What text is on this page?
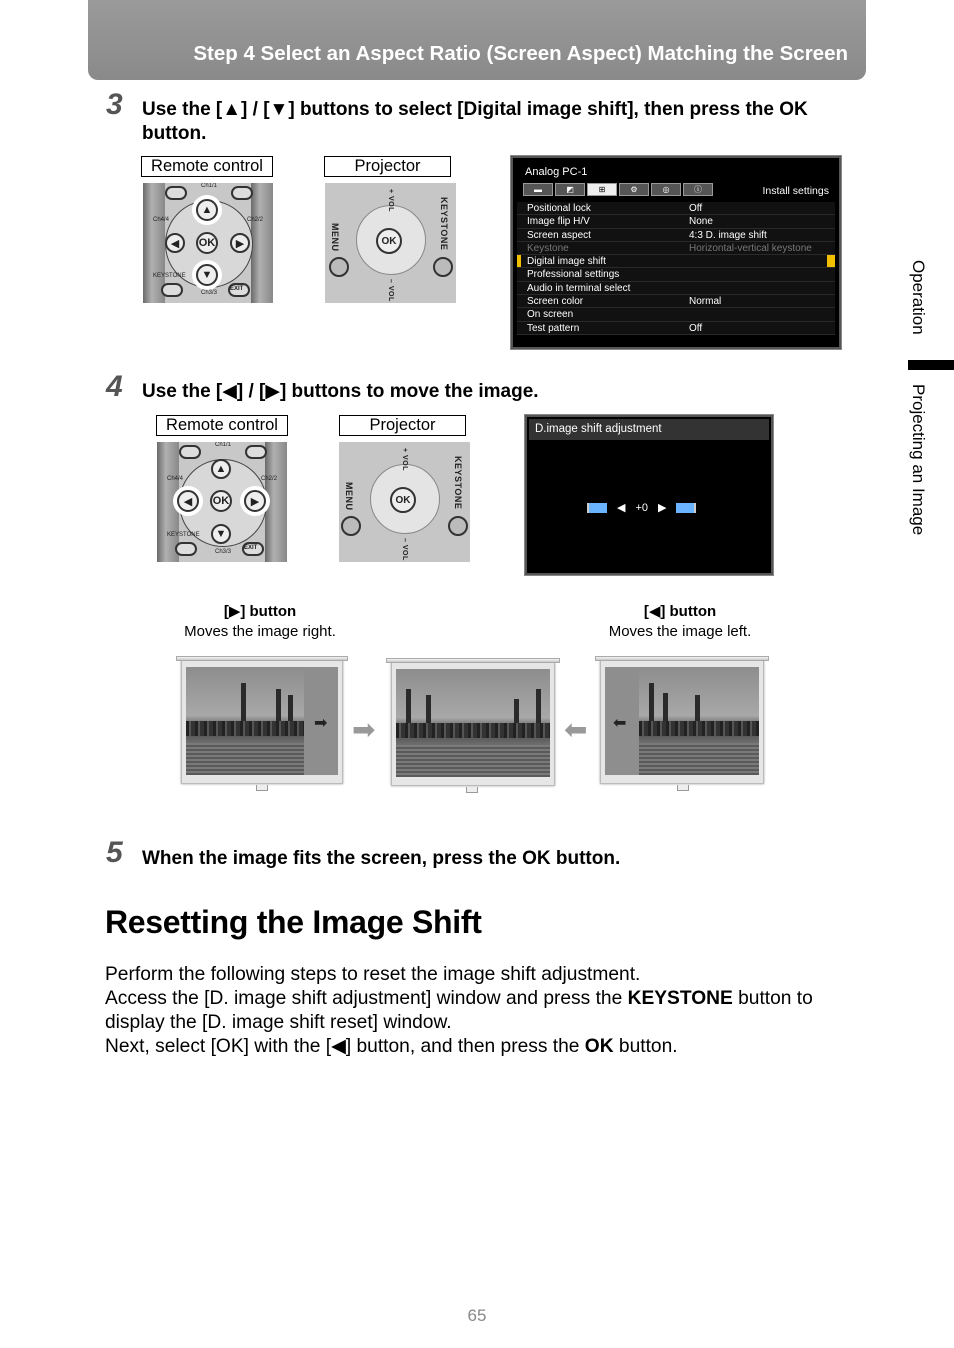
Step 4 Select an Aspect Ratio (Screen Aspect) Matching the Screen
Operation
Projecting an Image
3 Use the [▲] / [▼] buttons to select [Digital image shift], then press the OK button.
Remote control	Projector
▲
◀	▶
OK
▼
EXIT
KEYSTONE
Ch1/1
Ch2/2
Ch4/4
Ch3/3
OK
MENU	KEYSTONE
+ VOL
– VOL
Analog PC-1
▬	◩	⊞	⚙	◎	ⓘ	Install settings
Positional lock	Off
Image flip H/V	None
Screen aspect	4:3 D. image shift
Keystone	Horizontal-vertical keystone
Digital image shift
Professional settings
Audio in terminal select
Screen color	Normal
On screen
Test pattern	Off
4 Use the [◀] / [▶] buttons to move the image.
Remote control	Projector
▲
◀	▶
OK
▼
EXIT
KEYSTONE
Ch1/1
Ch2/2
Ch4/4
Ch3/3
OK
MENU	KEYSTONE
+ VOL
– VOL
D.image shift adjustment
◀ +0 ▶
[▶] button
Moves the image right.
[◀] button
Moves the image left.
➡ ➡	⬅ ⬅
5 When the image fits the screen, press the OK button.
Resetting the Image Shift
Perform the following steps to reset the image shift adjustment.
Access the [D. image shift adjustment] window and press the KEYSTONE button to display the [D. image shift reset] window.
Next, select [OK] with the [◀] button, and then press the OK button.
65
